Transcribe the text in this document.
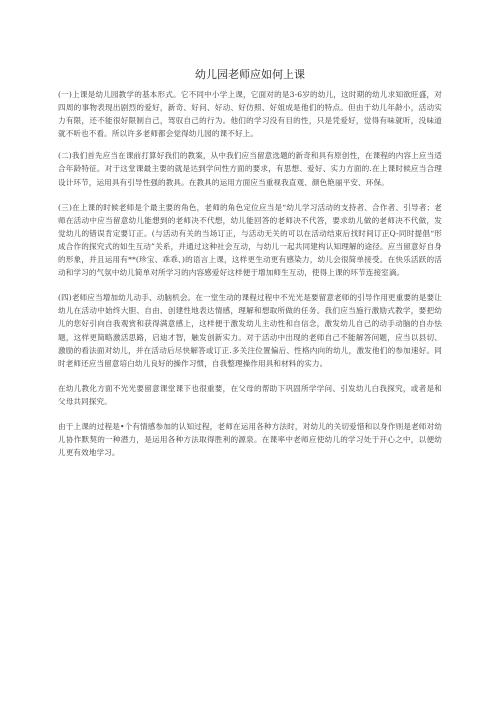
幼儿园老师应如何上课

(一)上课是幼儿园教学的基本形式。它不同中小学上课，它面对的是3-6岁的幼儿，这时期的幼儿求知欲旺盛，对四周的事物表现出剧烈的爱好，新奇、好问、好动、好仿照、好姐成是他们的特点。但由于幼儿年龄小，活动实力有限，还不能很好限制自己，驾驭自己的行为。他们的学习没有目的性，只是凭爱好，觉得有味就听，没味道就不听也不看。所以许多老师都会觉得幼儿园的课不好上。

(二)我们首先应当在课前打算好我们的教案，从中我们应当留意选题的新奇和具有原创性，在课程的内容上应当适合年龄特征。对于这堂课最主要的就是达到学问性方面的要求，有思想、爱好、实力方面的.在上课时候应当合理设计环节，运用具有引导性强的教具。在教具的运用方面应当重视我直观、颜色艳丽平安、环保。

(三)在上课的时候老师是个最主要的角色，老师的角色定位应当是“幼儿学习活动的支持者、合作者、引导者；老师在活动中应当留意幼儿能想到的老师决不代想，幼儿能回答的老师决不代答，要求幼儿做的老师决不代做，发觉幼儿的错误肯定要订正。(与活动有关的当场订正，与活动无关的可以在活动结束后找时间订正Q-同时提倡“形成合作的探究式的如生互动”关系，并通过这种社会互动，与幼儿一起共同建构认知理解的途径。应当留意好自身的形象，并且运用有**(珍宝、乖乖、)的语言上课，这样更生动更有感染力，幼儿会很简单接受。在快乐活跃的活动和学习的气氛中幼儿简单对所学习的内容感爱好这样便于增加师生互动，使得上课的环节连接室滴。

(四)老师应当增加幼儿动手、动脑机会。在一堂生动的课程过程中不光光是要留意老师的引导作用更重要的是要让幼儿在活动中始终大胆、自由、创建性地表达情感，理解和想取所做的任务。我们应当施行激励式教学，要把幼儿的您好引向自我观赏和获得满意感上，这样便于激发幼儿主动性和自信念，激发幼儿自己的动手动脑的自办怯题，这样更简略激活思路，启迪才智，触发创新实力。对于活动中出现的老师自己不能解答问题，应当以县切、激励的看法面对幼儿，并在活动后尽快解答或订正.多关注位置偏后、性格内向的幼儿，激发他们的参加速好。同时老师还应当留意培白幼儿良好的操作习惯，自我整理操作用具和材料的实力。

在幼儿教化方面不光光要留意课堂课下也很重要，在父母的帮助下巩固所学学问、引发幼儿白我探究，或者是和父母共同探究。

由于上课的过程是•个有情感参加的认知过程，老师在运用各种方法时，对幼儿的关切爱惜和以身作则是老师对幼儿协作默契的一种潜力，是运用各种方法取得胜利的源泉。在课率中老师应使幼儿的学习处于开心之中，以便幼儿更有效地学习。
